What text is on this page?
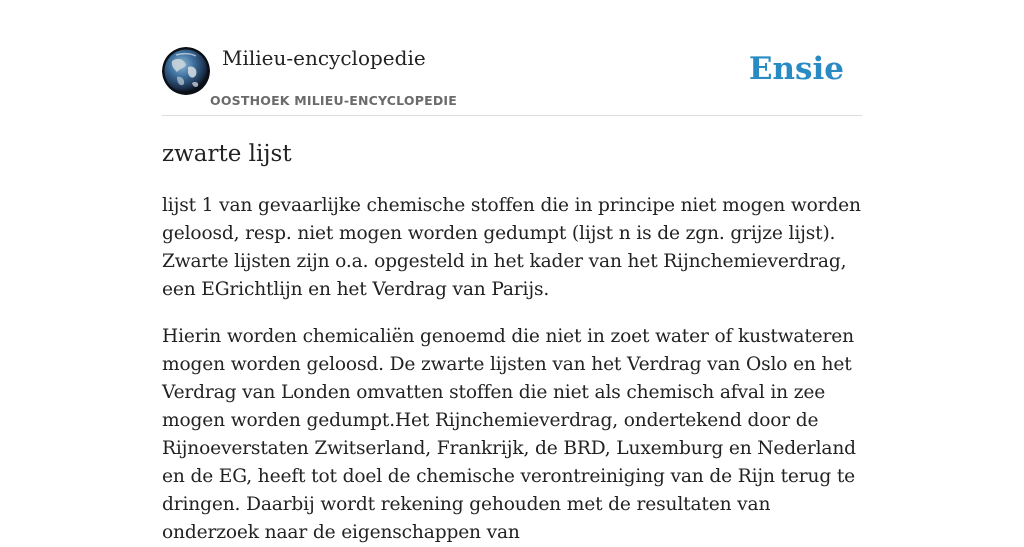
Milieu-encyclopedie
OOSTHOEK MILIEU-ENCYCLOPEDIE
Ensie
zwarte lijst

lijst 1 van gevaarlijke chemische stoffen die in principe niet mogen worden geloosd, resp. niet mogen worden gedumpt (lijst n is de zgn. grijze lijst). Zwarte lijsten zijn o.a. opgesteld in het kader van het Rijnchemieverdrag, een EGrichtlijn en het Verdrag van Parijs.

Hierin worden chemicaliën genoemd die niet in zoet water of kustwateren mogen worden geloosd. De zwarte lijsten van het Verdrag van Oslo en het Verdrag van Londen omvatten stoffen die niet als chemisch afval in zee mogen worden gedumpt.Het Rijnchemieverdrag, ondertekend door de Rijnoeverstaten Zwitserland, Frankrijk, de BRD, Luxemburg en Nederland en de EG, heeft tot doel de chemische verontreiniging van de Rijn terug te dringen. Daarbij wordt rekening gehouden met de resultaten van onderzoek naar de eigenschappen van
